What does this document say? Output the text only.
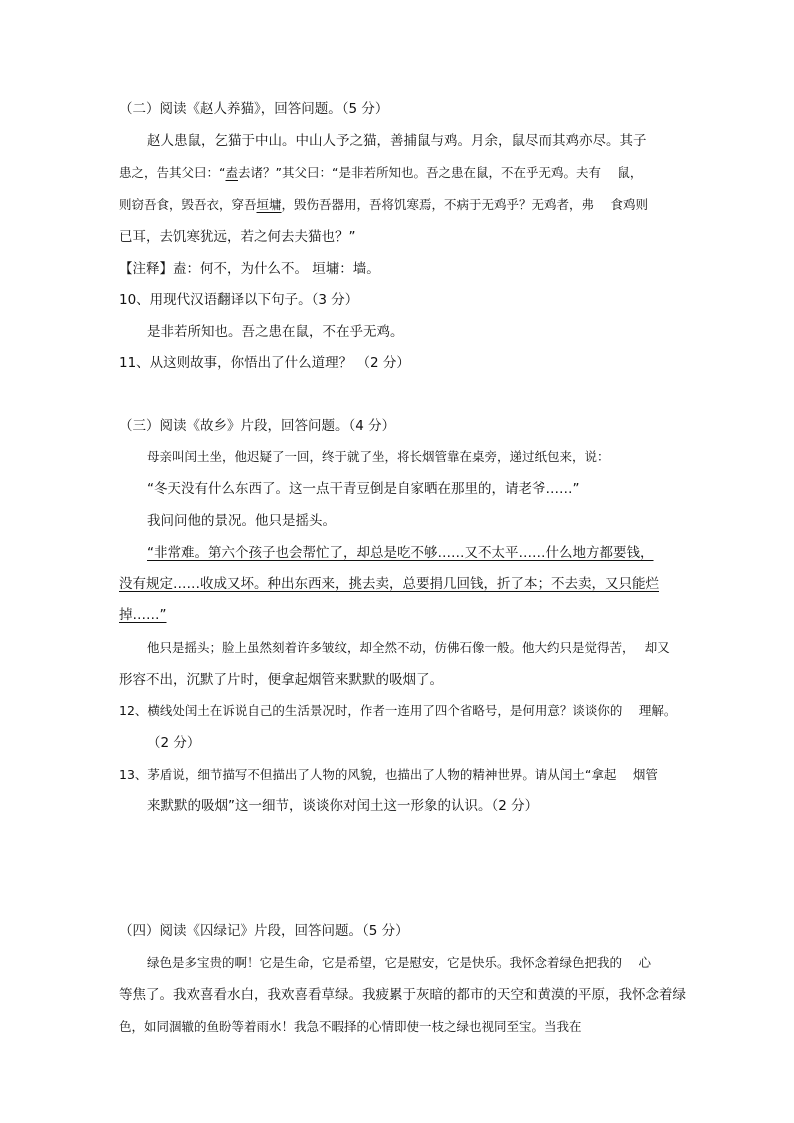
（二）阅读《赵人养猫》，回答问题。（5 分）
赵人患鼠，乞猫于中山。中山人予之猫，善捕鼠与鸡。月余，鼠尽而其鸡亦尽。其子
患之，告其父曰：“盍去诸？”其父曰：“是非若所知也。吾之患在鼠，不在乎无鸡。夫有　 鼠，
则窃吾食，毁吾衣，穿吾垣墉，毁伤吾器用，吾将饥寒焉，不病于无鸡乎？无鸡者，弗　 食鸡则
已耳，去饥寒犹远，若之何去夫猫也？”
【注释】盍：何不，为什么不。 垣墉：墙。
10、用现代汉语翻译以下句子。（3 分）
是非若所知也。吾之患在鼠，不在乎无鸡。
11、从这则故事，你悟出了什么道理？ （2 分）
（三）阅读《故乡》片段，回答问题。（4 分）
母亲叫闰土坐，他迟疑了一回，终于就了坐，将长烟管靠在桌旁，递过纸包来，说：
“冬天没有什么东西了。这一点干青豆倒是自家晒在那里的，请老爷……”
我问问他的景况。他只是摇头。
“非常难。第六个孩子也会帮忙了，却总是吃不够……又不太平……什么地方都要钱，
没有规定……收成又坏。种出东西来，挑去卖，总要捐几回钱，折了本；不去卖，又只能烂
掉……”
他只是摇头；脸上虽然刻着许多皱纹，却全然不动，仿佛石像一般。他大约只是觉得苦，　 却又
形容不出，沉默了片时，便拿起烟管来默默的吸烟了。
12、横线处闰土在诉说自己的生活景况时，作者一连用了四个省略号，是何用意？谈谈你的　 理解。
（2 分）
13、茅盾说，细节描写不但描出了人物的风貌，也描出了人物的精神世界。请从闰土“拿起　 烟管
来默默的吸烟”这一细节，谈谈你对闰土这一形象的认识。（2 分）
（四）阅读《囚绿记》片段，回答问题。（5 分）
绿色是多宝贵的啊！它是生命，它是希望，它是慰安，它是快乐。我怀念着绿色把我的　 心
等焦了。我欢喜看水白，我欢喜看草绿。我疲累于灰暗的都市的天空和黄漠的平原，我怀念着绿
色，如同涸辙的鱼盼等着雨水！我急不暇择的心情即使一枝之绿也视同至宝。当我在
